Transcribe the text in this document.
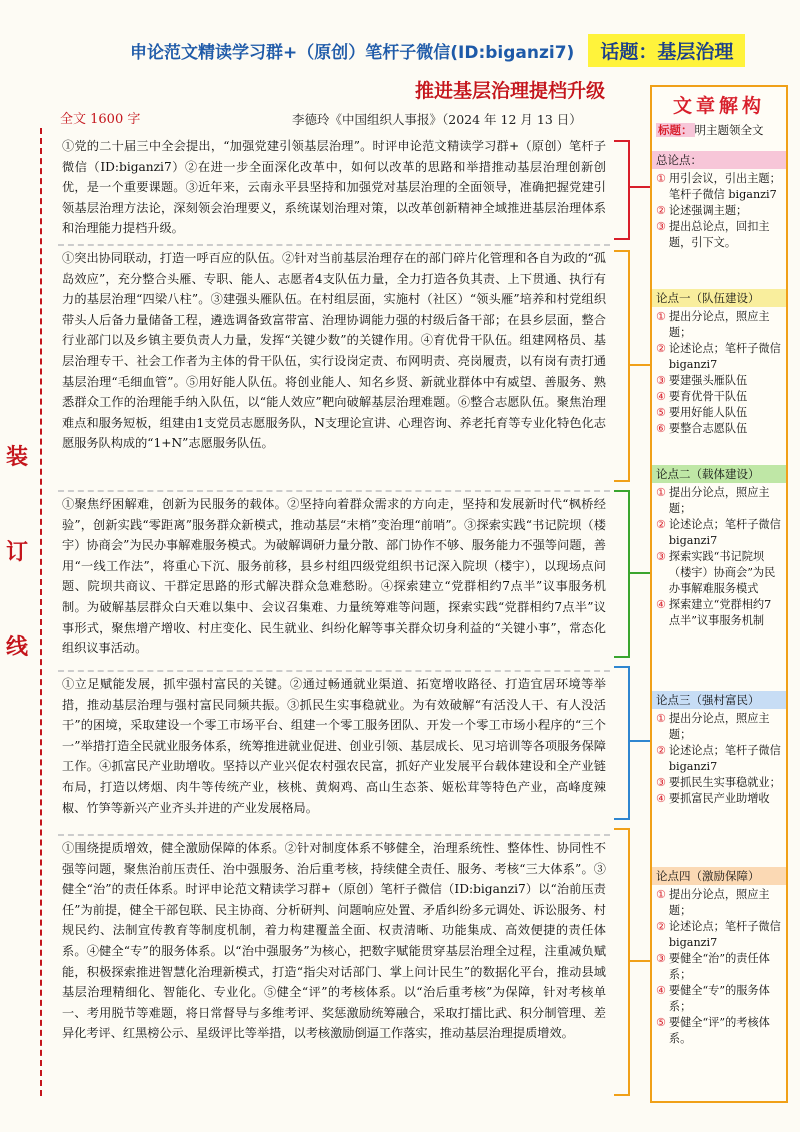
申论范文精读学习群+（原创）笔杆子微信(ID:biganzi7)	话题：基层治理
推进基层治理提档升级
全文 1600 字	李德玲《中国组织人事报》（2024 年 12 月 13 日）
装
订
线

①党的二十届三中全会提出，“加强党建引领基层治理”。时评申论范文精读学习群+（原创）笔杆子微信（ID:biganzi7）②在进一步全面深化改革中，如何以改革的思路和举措推动基层治理创新创优，是一个重要课题。③近年来，云南永平县坚持和加强党对基层治理的全面领导，准确把握党建引领基层治理方法论，深刻领会治理要义，系统谋划治理对策，以改革创新精神全域推进基层治理体系和治理能力提档升级。

①突出协同联动，打造一呼百应的队伍。②针对当前基层治理存在的部门碎片化管理和各自为政的“孤岛效应”，充分整合头雁、专职、能人、志愿者4支队伍力量，全力打造各负其责、上下贯通、执行有力的基层治理“四梁八柱”。③建强头雁队伍。在村组层面，实施村（社区）“领头雁”培养和村党组织带头人后备力量储备工程，遴选调备致富带富、治理协调能力强的村级后备干部；在县乡层面，整合行业部门以及乡镇主要负责人力量，发挥“关键少数”的关键作用。④育优骨干队伍。组建网格员、基层治理专干、社会工作者为主体的骨干队伍，实行设岗定责、布网明责、亮岗履责，以有岗有责打通基层治理“毛细血管”。⑤用好能人队伍。将创业能人、知名乡贤、新就业群体中有威望、善服务、熟悉群众工作的治理能手纳入队伍，以“能人效应”靶向破解基层治理难题。⑥整合志愿队伍。聚焦治理难点和服务短板，组建由1支党员志愿服务队，N支理论宣讲、心理咨询、养老托育等专业化特色化志愿服务队构成的“1+N”志愿服务队伍。

①聚焦纾困解难，创新为民服务的载体。②坚持向着群众需求的方向走，坚持和发展新时代“枫桥经验”，创新实践“零距离”服务群众新模式，推动基层“末梢”变治理“前哨”。③探索实践“书记院坝（楼宇）协商会”为民办事解难服务模式。为破解调研力量分散、部门协作不够、服务能力不强等问题，善用“一线工作法”，将重心下沉、服务前移，县乡村组四级党组织书记深入院坝（楼宇），以现场点问题、院坝共商议、干群定思路的形式解决群众急难愁盼。④探索建立“党群相约7点半”议事服务机制。为破解基层群众白天难以集中、会议召集难、力量统筹难等问题，探索实践“党群相约7点半”议事形式，聚焦增产增收、村庄变化、民生就业、纠纷化解等事关群众切身利益的“关键小事”，常态化组织议事活动。

①立足赋能发展，抓牢强村富民的关键。②通过畅通就业渠道、拓宽增收路径、打造宜居环境等举措，推动基层治理与强村富民同频共振。③抓民生实事稳就业。为有效破解“有活没人干、有人没活干”的困境，采取建设一个零工市场平台、组建一个零工服务团队、开发一个零工市场小程序的“三个一”举措打造全民就业服务体系，统筹推进就业促进、创业引领、基层成长、见习培训等各项服务保障工作。④抓富民产业助增收。坚持以产业兴促农村强农民富，抓好产业发展平台载体建设和全产业链布局，打造以烤烟、肉牛等传统产业，核桃、黄焖鸡、高山生态茶、姬松茸等特色产业，高峰度辣椒、竹笋等新兴产业齐头并进的产业发展格局。

①围绕提质增效，健全激励保障的体系。②针对制度体系不够健全，治理系统性、整体性、协同性不强等问题，聚焦治前压责任、治中强服务、治后重考核，持续健全责任、服务、考核“三大体系”。③健全“治”的责任体系。时评申论范文精读学习群+（原创）笔杆子微信（ID:biganzi7）以“治前压责任”为前提，健全干部包联、民主协商、分析研判、问题响应处置、矛盾纠纷多元调处、诉讼服务、村规民约、法制宣传教育等制度机制，着力构建覆盖全面、权责清晰、功能集成、高效便捷的责任体系。④健全“专”的服务体系。以“治中强服务”为核心，把数字赋能贯穿基层治理全过程，注重减负赋能，积极探索推进智慧化治理新模式，打造“指尖对话部门、掌上问计民生”的数据化平台，推动县域基层治理精细化、智能化、专业化。⑤健全“评”的考核体系。以“治后重考核”为保障，针对考核单一、考用脱节等难题，将日常督导与多维考评、奖惩激励统筹融合，采取打擂比武、积分制管理、差异化考评、红黑榜公示、星级评比等举措，以考核激励倒逼工作落实，推动基层治理提质增效。

文章解构
标题： 明主题领全文
总论点：
① 用引会议，引出主题；笔杆子微信 biganzi7
② 论述强调主题；
③ 提出总论点，回扣主题，引下文。
论点一（队伍建设）
① 提出分论点，照应主题；
② 论述论点；笔杆子微信 biganzi7
③ 要建强头雁队伍
④ 要育优骨干队伍
⑤ 要用好能人队伍
⑥ 要整合志愿队伍
论点二（载体建设）
① 提出分论点，照应主题；
② 论述论点；笔杆子微信 biganzi7
③ 探索实践“书记院坝（楼宇）协商会”为民办事解难服务模式
④ 探索建立“党群相约7点半”议事服务机制
论点三（强村富民）
① 提出分论点，照应主题；
② 论述论点；笔杆子微信 biganzi7
③ 要抓民生实事稳就业；
④ 要抓富民产业助增收
论点四（激励保障）
① 提出分论点，照应主题；
② 论述论点；笔杆子微信 biganzi7
③ 要健全“治”的责任体系；
④ 要健全“专”的服务体系；
⑤ 要健全“评”的考核体系。
